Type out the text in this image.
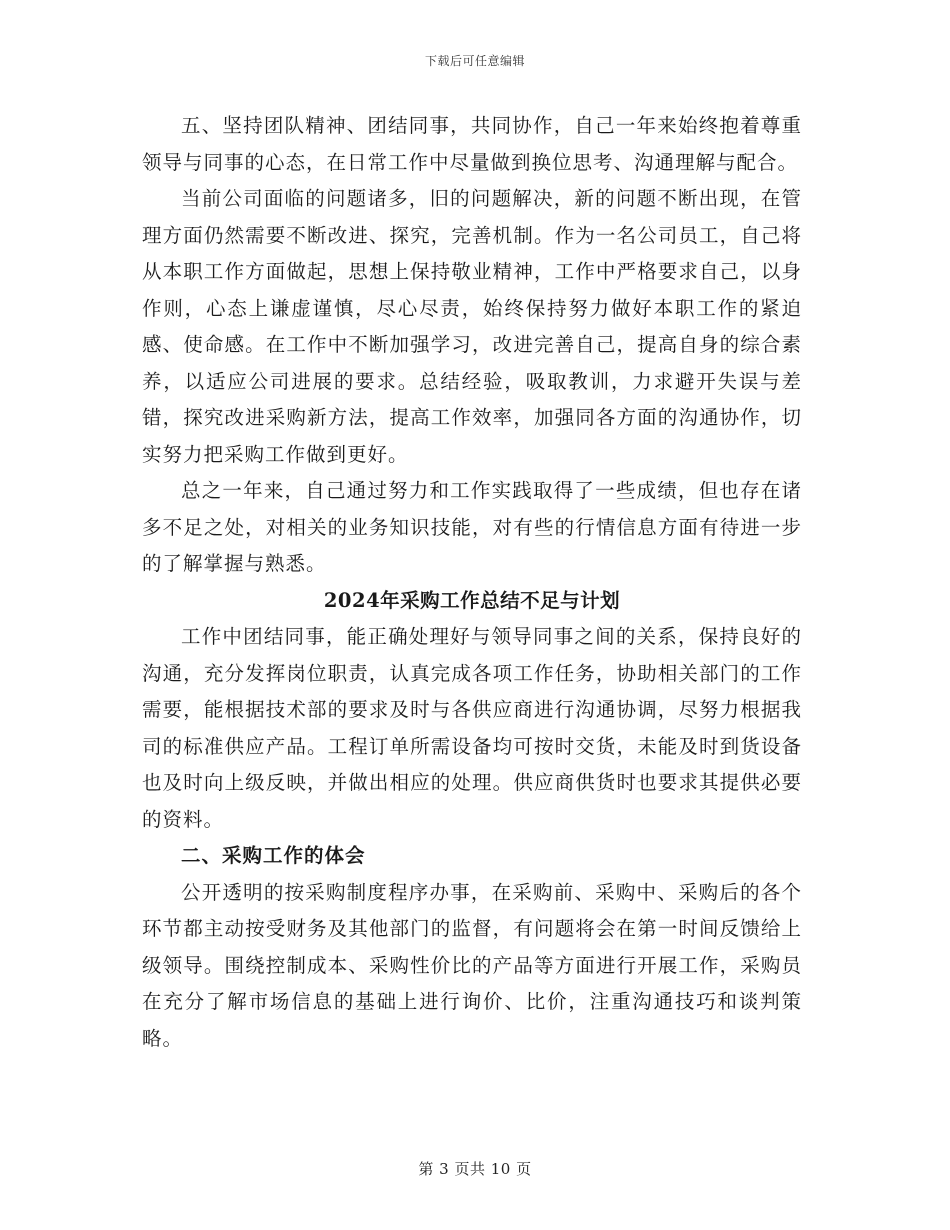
下载后可任意编辑

五、坚持团队精神、团结同事，共同协作，自己一年来始终抱着尊重领导与同事的心态，在日常工作中尽量做到换位思考、沟通理解与配合。

当前公司面临的问题诸多，旧的问题解决，新的问题不断出现，在管理方面仍然需要不断改进、探究，完善机制。作为一名公司员工，自己将从本职工作方面做起，思想上保持敬业精神，工作中严格要求自己，以身作则，心态上谦虚谨慎，尽心尽责，始终保持努力做好本职工作的紧迫感、使命感。在工作中不断加强学习，改进完善自己，提高自身的综合素养，以适应公司进展的要求。总结经验，吸取教训，力求避开失误与差错，探究改进采购新方法，提高工作效率，加强同各方面的沟通协作，切实努力把采购工作做到更好。

总之一年来，自己通过努力和工作实践取得了一些成绩，但也存在诸多不足之处，对相关的业务知识技能，对有些的行情信息方面有待进一步的了解掌握与熟悉。

2024年采购工作总结不足与计划

工作中团结同事，能正确处理好与领导同事之间的关系，保持良好的沟通，充分发挥岗位职责，认真完成各项工作任务，协助相关部门的工作需要，能根据技术部的要求及时与各供应商进行沟通协调，尽努力根据我司的标准供应产品。工程订单所需设备均可按时交货，未能及时到货设备也及时向上级反映，并做出相应的处理。供应商供货时也要求其提供必要的资料。

二、采购工作的体会

公开透明的按采购制度程序办事，在采购前、采购中、采购后的各个环节都主动按受财务及其他部门的监督，有问题将会在第一时间反馈给上级领导。围绕控制成本、采购性价比的产品等方面进行开展工作，采购员在充分了解市场信息的基础上进行询价、比价，注重沟通技巧和谈判策略。

第 3 页共 10 页
